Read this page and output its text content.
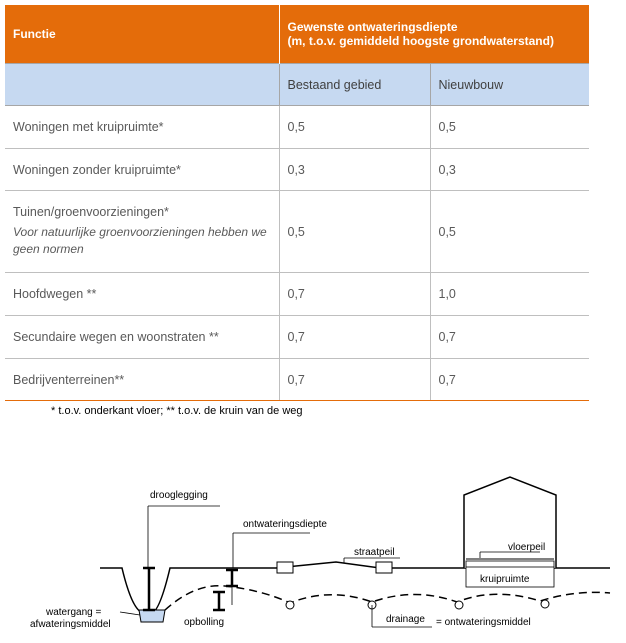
Functie	Gewenste ontwateringsdiepte
(m, t.o.v. gemiddeld hoogste grondwaterstand)	

	Bestaand gebied	Nieuwbouw
Woningen met kruipruimte*	0,5	0,5
Woningen zonder kruipruimte*	0,3	0,3
Tuinen/groenvoorzieningen*
Voor natuurlijke groenvoorzieningen hebben we geen normen	0,5	0,5
Hoofdwegen **	0,7	1,0
Secundaire wegen en woonstraten **	0,7	0,7
Bedrijventerreinen**	0,7	0,7
* t.o.v. onderkant vloer; ** t.o.v. de kruin van de weg
kruipruimte
vloerpeil
drooglegging
ontwateringsdiepte
straatpeil
opbolling
watergang =
afwateringsmiddel	drainage = ontwateringsmiddel
